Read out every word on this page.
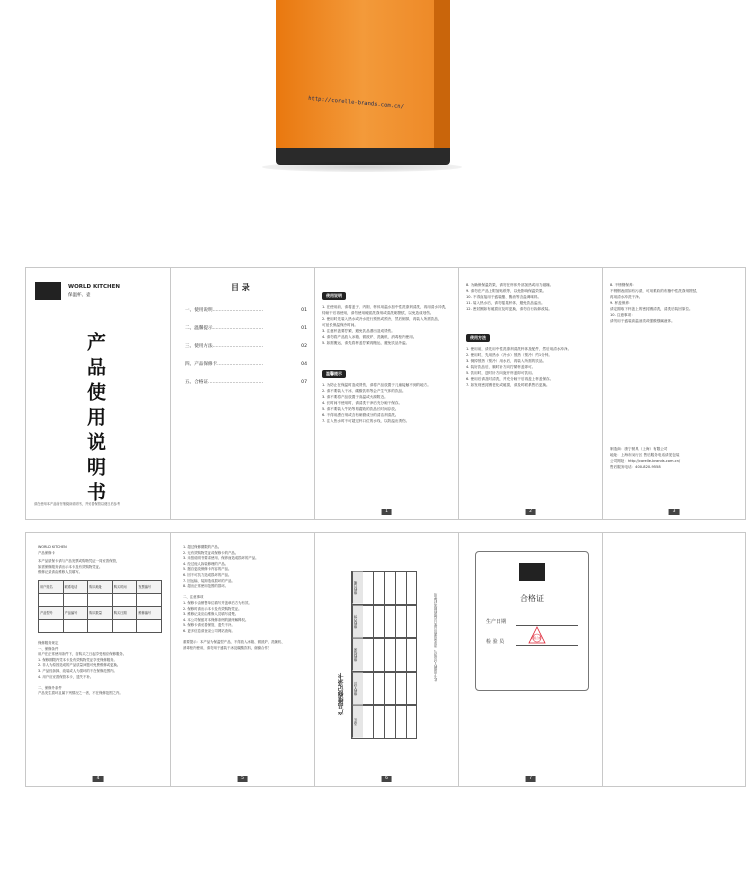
http://corelle-brands.com.cn/
WORLD KITCHEN
保温杯、壶
产品使用说明书
请在使用本产品前仔细阅读说明书，并妥善保管以便日后参考
目 录
一、使用说明……………………………	01
二、温馨提示……………………………	01
三、使用方法……………………………	02
四、产品保修卡…………………………	04
五、合格证………………………………	07
使用说明
1. 在使用前，请将盖子、内胆、杯体用温水加中性洗涤剂清洗，再用清水冲洗，
待晾干后再使用，请勿使用硬质洗涤剂或清洗刷擦拭，以免造成划伤。
2. 使用时先装入热水或冷水进行预热或预冷，然后倒掉，再装入所需饮品，
可延长保温保冷时间。
3. 注意杯盖要拧紧，避免饮品洒出造成烫伤。
4. 请勿将产品放入冰箱、微波炉、洗碗机、消毒柜内使用。
5. 如需搬运，请先将杯盖拧紧再搬运，避免饮品外溢。
温馨提示
1. 为防止在保温时造成烫伤，请将产品放置于儿童接触不到的地方。
2. 请不要装入干冰、碳酸饮料等会产生气体的饮品。
3. 请不要将产品放置于高温或火源附近。
4. 长时间不使用时，请清洗干净后充分晾干保存。
5. 请不要装入牛奶等易腐败的饮品长时间存放。
6. 不得用漂白剂或含有研磨成分的清洁剂清洗。
7. 注入热水时不可超过杯口位的水线，以防溢出烫伤。
1
8. 为确保保温效果，请勿在杯体外部加热或用力碰撞。
9. 请勿在产品上附加贴纸等，以免影响保温效果。
10. 不得直接用于盛装醋、酱油等含盐调味料。
11. 装入热水后，请勿摇晃杯体，避免饮品溢出。
12. 密封圈如有破损应及时更换，请勿自行拆卸改装。
使用方法
1. 使用前，请先用中性洗涤剂清洗杯体及配件，然后用清水冲净。
2. 使用时，先用热水（冷水）预热（预冷）约1分钟。
3. 倒掉预热（预冷）用水后，再装入所需的饮品。
4. 装好饮品后，顺时针方向拧紧杯盖即可。
5. 饮用时，逆时针方向旋开杯盖即可饮用。
6. 使用后请及时清洗，并充分晾干后再盖上杯盖保存。
7. 如发现密封圈老化或破损，请及时联系售后更换。
2
8. 不锈钢保养：
不锈钢表面如有污渍，可用柔软的布蘸中性洗涤剂擦拭，
再用清水冲洗干净。
9. 杯盖保养：
请定期取下杯盖上的密封圈清洗，清洗后装回原位。
10. 注意事项：
请勿用于盛装高温油类或强酸强碱液体。
制造商：康宁餐具（上海）有限公司
地址：上海市闵行区 售后服务电话请见包装
公司网址：http://corelle-brands.com.cn/
售后服务电话：400-820-9558
3
WORLD KITCHEN
产品保修卡
本产品质保卡请与产品发票或购物凭证一同妥善保管，
如需保修服务请出示本卡及有效购物凭证。
维修记录请由维修人员填写。
用户姓名	联系电话	购买地址	购买时间	发票编号

产品型号	产品编号	购买数量	购买日期	维修编号

保修服务规定
一、保修条件
用户在正常使用条件下，自购买之日起享受相应保修服务。
1. 保修期限内凭本卡及有效购物凭证享受保修服务。
2. 非人为原因造成的产品质量问题可免费维修或更换。
3. 产品经拆卸、改装或人为损坏的不在保修范围内。
4. 用户应妥善保管本卡，遗失不补。

二、保修外条件
产品发生损坏且属下列情况之一者，不在保修范围之内。
4
1. 超过保修期限的产品。
2. 无有效购物凭证或保修卡的产品。
3. 未按说明书要求使用、保养而造成损坏的产品。
4. 经过他人拆装修理的产品。
5. 擅自更改保修卡内容的产品。
6. 因不可抗力造成损坏的产品。
7. 因运输、装卸造成损坏的产品。
8. 超出正常使用范围的损坏。

二、注意事项
1. 保修卡由销售单位填写并盖章后方为有效。
2. 保修时请出示本卡及有效购物凭证。
3. 维修记录应由维修人员填写清楚。
4. 本公司保留对本保修条例的最终解释权。
5. 保修卡请妥善保管，遗失不补。
6. 更多信息请登录公司网站查询。

重要提示：本产品为保温型产品，不得放入冰箱、微波炉、洗碗机、
消毒柜内使用，请勿用于盛装干冰及碳酸饮料，谢谢合作！
5
产品维修记录卡
维修日期
维修内容
维修结果
维修人员
备注
此卡由维修人员填写，请妥善保管以便日后维修服务时使用
6
合格证
生产日期
检 验 员
检验合格
7
